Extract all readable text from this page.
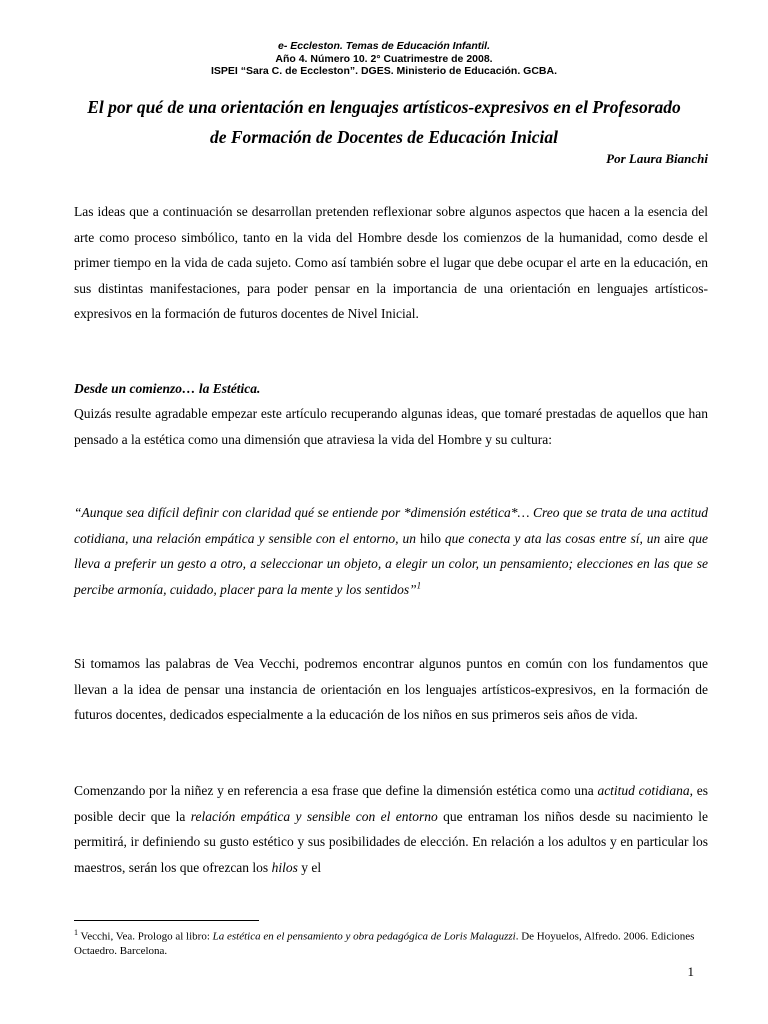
e- Eccleston. Temas de Educación Infantil.
Año 4. Número 10. 2° Cuatrimestre de 2008.
ISPEI “Sara C. de Eccleston”. DGES. Ministerio de Educación. GCBA.
El por qué de una orientación en lenguajes artísticos-expresivos en el Profesorado
de Formación de Docentes de Educación Inicial
Por Laura Bianchi

Las ideas que a continuación se desarrollan pretenden reflexionar sobre algunos aspectos que hacen a la esencia del arte como proceso simbólico, tanto en la vida del Hombre desde los comienzos de la humanidad, como desde el primer tiempo en la vida de cada sujeto. Como así también sobre el lugar que debe ocupar el arte en la educación, en sus distintas manifestaciones, para poder pensar en la importancia de una orientación en lenguajes artísticos-expresivos en la formación de futuros docentes de Nivel Inicial.

Desde un comienzo… la Estética.

Quizás resulte agradable empezar este artículo recuperando algunas ideas, que tomaré prestadas de aquellos que han pensado a la estética como una dimensión que atraviesa la vida del Hombre y su cultura:

“Aunque sea difícil definir con claridad qué se entiende por *dimensión estética*… Creo que se trata de una actitud cotidiana, una relación empática y sensible con el entorno, un hilo que conecta y ata las cosas entre sí, un aire que lleva a preferir un gesto a otro, a seleccionar un objeto, a elegir un color, un pensamiento; elecciones en las que se percibe armonía, cuidado, placer para la mente y los sentidos”$^1$

Si tomamos las palabras de Vea Vecchi, podremos encontrar algunos puntos en común con los fundamentos que llevan a la idea de pensar una instancia de orientación en los lenguajes artísticos-expresivos, en la formación de futuros docentes, dedicados especialmente a la educación de los niños en sus primeros seis años de vida.

Comenzando por la niñez y en referencia a esa frase que define la dimensión estética como una actitud cotidiana, es posible decir que la relación empática y sensible con el entorno que entraman los niños desde su nacimiento le permitirá, ir definiendo su gusto estético y sus posibilidades de elección. En relación a los adultos y en particular los maestros, serán los que ofrezcan los hilos y el

$^1$ Vecchi, Vea. Prologo al libro: La estética en el pensamiento y obra pedagógica de Loris Malaguzzi. De Hoyuelos, Alfredo. 2006. Ediciones Octaedro. Barcelona.

1
